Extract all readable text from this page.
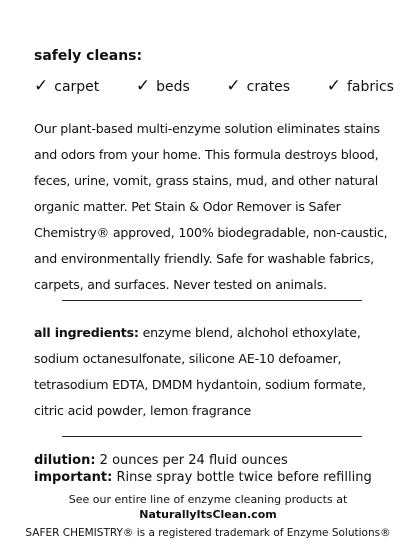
safely cleans:
✓ carpet ✓ beds ✓ crates ✓ fabrics
Our plant-based multi-enzyme solution eliminates stains and odors from your home. This formula destroys blood, feces, urine, vomit, grass stains, mud, and other natural organic matter. Pet Stain & Odor Remover is Safer Chemistry® approved, 100% biodegradable, non-caustic, and environmentally friendly. Safe for washable fabrics, carpets, and surfaces. Never tested on animals.
all ingredients: enzyme blend, alchohol ethoxylate, sodium octanesulfonate, silicone AE-10 defoamer, tetrasodium EDTA, DMDM hydantoin, sodium formate, citric acid powder, lemon fragrance
dilution: 2 ounces per 24 fluid ounces
important: Rinse spray bottle twice before refilling
See our entire line of enzyme cleaning products at
NaturallyItsClean.com
SAFER CHEMISTRY® is a registered trademark of Enzyme Solutions®
